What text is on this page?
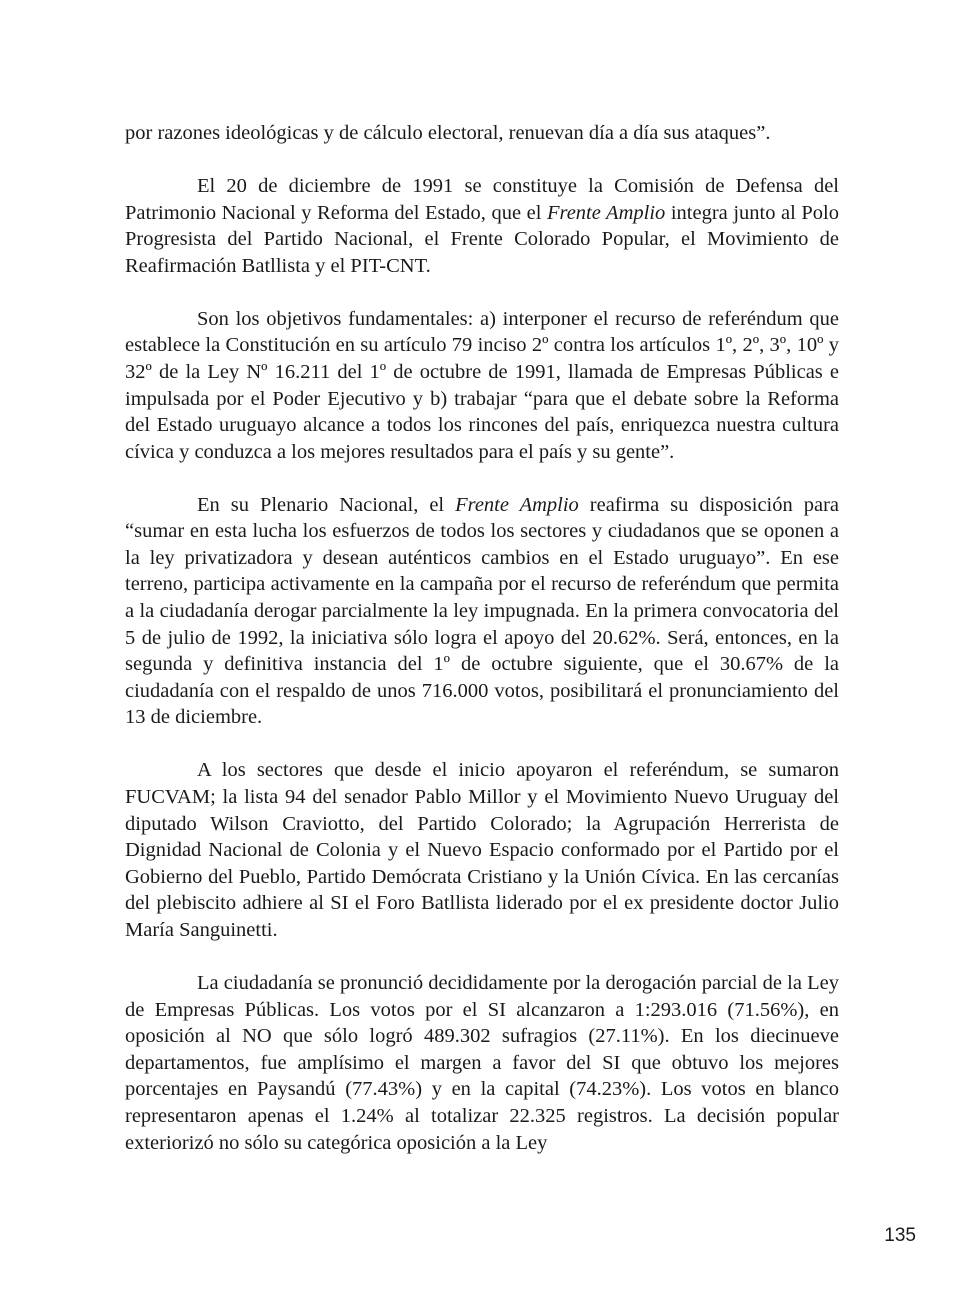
por razones ideológicas y de cálculo electoral, renuevan día a día sus ataques”.

El 20 de diciembre de 1991 se constituye la Comisión de Defensa del Patrimonio Nacional y Reforma del Estado, que el Frente Amplio integra junto al Polo Progresista del Partido Nacional, el Frente Colorado Popular, el Movimiento de Reafirmación Batllista y el PIT-CNT.

Son los objetivos fundamentales: a) interponer el recurso de referéndum que establece la Constitución en su artículo 79 inciso 2º contra los artículos 1º, 2º, 3º, 10º y 32º de la Ley Nº 16.211 del 1º de octubre de 1991, llamada de Empresas Públicas e impulsada por el Poder Ejecutivo y b) trabajar “para que el debate sobre la Reforma del Estado uruguayo alcance a todos los rincones del país, enriquezca nuestra cultura cívica y conduzca a los mejores resultados para el país y su gente”.

En su Plenario Nacional, el Frente Amplio reafirma su disposición para “sumar en esta lucha los esfuerzos de todos los sectores y ciudadanos que se oponen a la ley privatizadora y desean auténticos cambios en el Estado uruguayo”. En ese terreno, participa activamente en la campaña por el recurso de referéndum que permita a la ciudadanía derogar parcialmente la ley impugnada. En la primera convocatoria del 5 de julio de 1992, la iniciativa sólo logra el apoyo del 20.62%. Será, entonces, en la segunda y definitiva instancia del 1º de octubre siguiente, que el 30.67% de la ciudadanía con el respaldo de unos 716.000 votos, posibilitará el pronunciamiento del 13 de diciembre.

A los sectores que desde el inicio apoyaron el referéndum, se sumaron FUCVAM; la lista 94 del senador Pablo Millor y el Movimiento Nuevo Uruguay del diputado Wilson Craviotto, del Partido Colorado; la Agrupación Herrerista de Dignidad Nacional de Colonia y el Nuevo Espacio conformado por el Partido por el Gobierno del Pueblo, Partido Demócrata Cristiano y la Unión Cívica. En las cercanías del plebiscito adhiere al SI el Foro Batllista liderado por el ex presidente doctor Julio María Sanguinetti.

La ciudadanía se pronunció decididamente por la derogación parcial de la Ley de Empresas Públicas. Los votos por el SI alcanzaron a 1:293.016 (71.56%), en oposición al NO que sólo logró 489.302 sufragios (27.11%). En los diecinueve departamentos, fue amplísimo el margen a favor del SI que obtuvo los mejores porcentajes en Paysandú (77.43%) y en la capital (74.23%). Los votos en blanco representaron apenas el 1.24% al totalizar 22.325 registros. La decisión popular exteriorizó no sólo su categórica oposición a la Ley

135
